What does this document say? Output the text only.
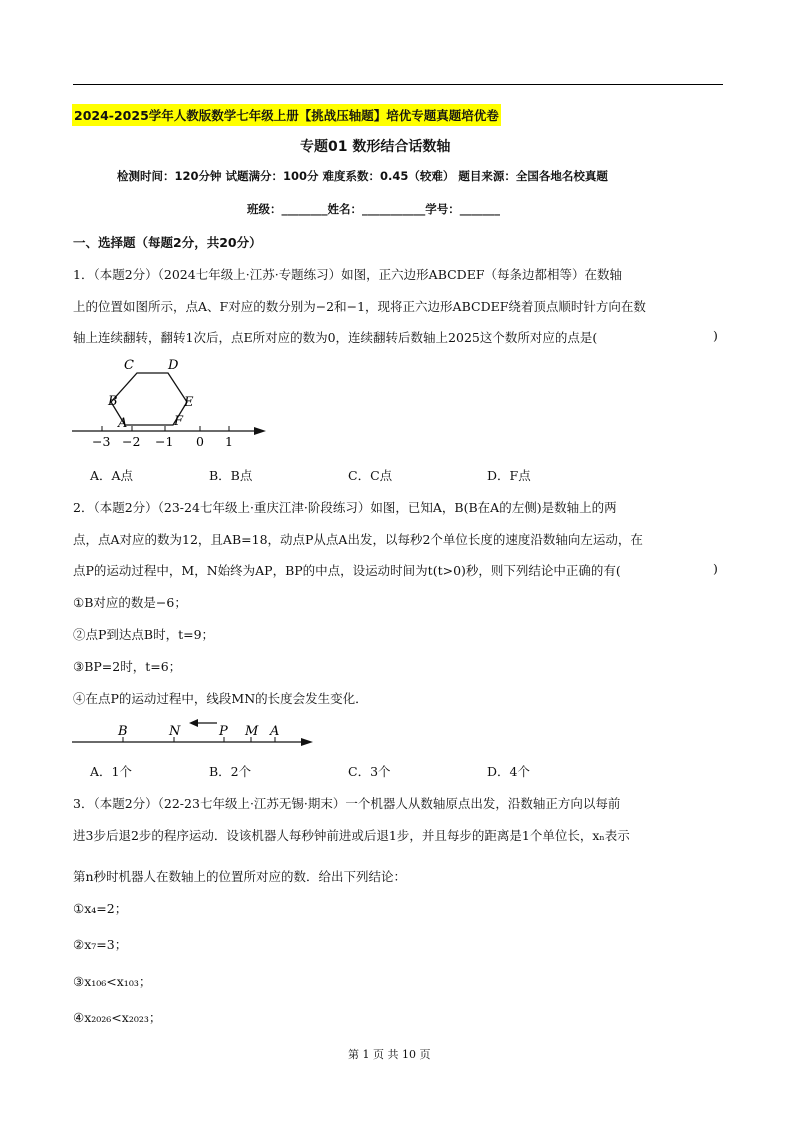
2024-2025学年人教版数学七年级上册【挑战压轴题】培优专题真题培优卷
专题01 数形结合话数轴
检测时间：120分钟 试题满分：100分 难度系数：0.45（较难） 题目来源：全国各地名校真题
班级：________姓名：___________学号：_______
一、选择题（每题2分，共20分）
1．（本题2分）（2024七年级上·江苏·专题练习）如图，正六边形ABCDEF（每条边都相等）在数轴
上的位置如图所示，点A、F对应的数分别为−2和−1，现将正六边形ABCDEF绕着顶点顺时针方向在数
轴上连续翻转，翻转1次后，点E所对应的数为0，连续翻转后数轴上2025这个数所对应的点是(	)
C	D
B	E
A	F
−3 −2 −1 0 1
A．A点	B．B点	C．C点	D．F点
2．（本题2分）（23-24七年级上·重庆江津·阶段练习）如图，已知A，B(B在A的左侧)是数轴上的两
点，点A对应的数为12，且AB=18，动点P从点A出发，以每秒2个单位长度的速度沿数轴向左运动，在
点P的运动过程中，M，N始终为AP，BP的中点，设运动时间为t(t>0)秒，则下列结论中正确的有(	)
①B对应的数是−6；
②点P到达点B时，t=9；
③BP=2时，t=6；
④在点P的运动过程中，线段MN的长度会发生变化．
B	N	P M A
A．1个	B．2个	C．3个	D．4个
3．（本题2分）（22-23七年级上·江苏无锡·期末）一个机器人从数轴原点出发，沿数轴正方向以每前
进3步后退2步的程序运动．设该机器人每秒钟前进或后退1步，并且每步的距离是1个单位长，xₙ表示
第n秒时机器人在数轴上的位置所对应的数．给出下列结论：
①x₄=2；
②x₇=3；
③x₁₀₆<x₁₀₃；
④x₂₀₂₆<x₂₀₂₃；
第 1 页 共 10 页
